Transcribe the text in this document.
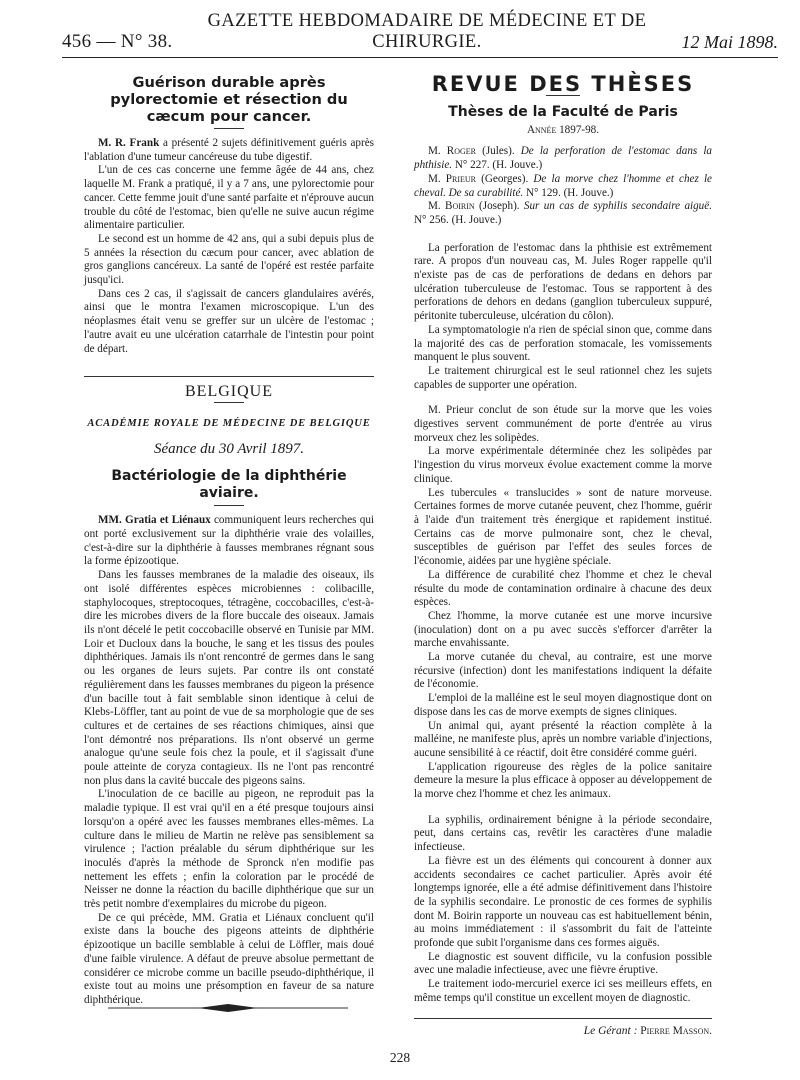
456 — N° 38.
GAZETTE HEBDOMADAIRE DE MÉDECINE ET DE CHIRURGIE.	12 Mai 1898.
Guérison durable après pylorectomie et résection du cæcum pour cancer.

M. R. Frank a présenté 2 sujets définitivement guéris après l'ablation d'une tumeur cancéreuse du tube digestif.

L'un de ces cas concerne une femme âgée de 44 ans, chez laquelle M. Frank a pratiqué, il y a 7 ans, une pylorectomie pour cancer. Cette femme jouit d'une santé parfaite et n'éprouve aucun trouble du côté de l'estomac, bien qu'elle ne suive aucun régime alimentaire particulier.

Le second est un homme de 42 ans, qui a subi depuis plus de 5 années la résection du cæcum pour cancer, avec ablation de gros ganglions cancéreux. La santé de l'opéré est restée parfaite jusqu'ici.

Dans ces 2 cas, il s'agissait de cancers glandulaires avérés, ainsi que le montra l'examen microscopique. L'un des néoplasmes était venu se greffer sur un ulcère de l'estomac ; l'autre avait eu une ulcération catarrhale de l'intestin pour point de départ.

BELGIQUE
ACADÉMIE ROYALE DE MÉDECINE DE BELGIQUE
Séance du 30 Avril 1897.
Bactériologie de la diphthérie aviaire.

MM. Gratia et Liénaux communiquent leurs recherches qui ont porté exclusivement sur la diphthérie vraie des volailles, c'est-à-dire sur la diphthérie à fausses membranes régnant sous la forme épizootique.

Dans les fausses membranes de la maladie des oiseaux, ils ont isolé différentes espèces microbiennes : colibacille, staphylocoques, streptocoques, tétragène, coccobacilles, c'est-à-dire les microbes divers de la flore buccale des oiseaux. Jamais ils n'ont décelé le petit coccobacille observé en Tunisie par MM. Loir et Ducloux dans la bouche, le sang et les tissus des poules diphthériques. Jamais ils n'ont rencontré de germes dans le sang ou les organes de leurs sujets. Par contre ils ont constaté régulièrement dans les fausses membranes du pigeon la présence d'un bacille tout à fait semblable sinon identique à celui de Klebs-Löffler, tant au point de vue de sa morphologie que de ses cultures et de certaines de ses réactions chimiques, ainsi que l'ont démontré nos préparations. Ils n'ont observé un germe analogue qu'une seule fois chez la poule, et il s'agissait d'une poule atteinte de coryza contagieux. Ils ne l'ont pas rencontré non plus dans la cavité buccale des pigeons sains.

L'inoculation de ce bacille au pigeon, ne reproduit pas la maladie typique. Il est vrai qu'il en a été presque toujours ainsi lorsqu'on a opéré avec les fausses membranes elles-mêmes. La culture dans le milieu de Martin ne relève pas sensiblement sa virulence ; l'action préalable du sérum diphthérique sur les inoculés d'après la méthode de Spronck n'en modifie pas nettement les effets ; enfin la coloration par le procédé de Neisser ne donne la réaction du bacille diphthérique que sur un très petit nombre d'exemplaires du microbe du pigeon.

De ce qui précède, MM. Gratia et Liénaux concluent qu'il existe dans la bouche des pigeons atteints de diphthérie épizootique un bacille semblable à celui de Löffler, mais doué d'une faible virulence. A défaut de preuve absolue permettant de considérer ce microbe comme un bacille pseudo-diphthérique, il existe tout au moins une présomption en faveur de sa nature diphthérique.

REVUE DES THÈSES
Thèses de la Faculté de Paris
Année 1897-98.

M. Roger (Jules). De la perforation de l'estomac dans la phthisie. N° 227. (H. Jouve.)

M. Prieur (Georges). De la morve chez l'homme et chez le cheval. De sa curabilité. N° 129. (H. Jouve.)

M. Boirin (Joseph). Sur un cas de syphilis secondaire aiguë. N° 256. (H. Jouve.)

La perforation de l'estomac dans la phthisie est extrêmement rare. A propos d'un nouveau cas, M. Jules Roger rappelle qu'il n'existe pas de cas de perforations de dedans en dehors par ulcération tuberculeuse de l'estomac. Tous se rapportent à des perforations de dehors en dedans (ganglion tuberculeux suppuré, péritonite tuberculeuse, ulcération du côlon).

La symptomatologie n'a rien de spécial sinon que, comme dans la majorité des cas de perforation stomacale, les vomissements manquent le plus souvent.

Le traitement chirurgical est le seul rationnel chez les sujets capables de supporter une opération.

M. Prieur conclut de son étude sur la morve que les voies digestives servent communément de porte d'entrée au virus morveux chez les solipèdes.

La morve expérimentale déterminée chez les solipèdes par l'ingestion du virus morveux évolue exactement comme la morve clinique.

Les tubercules « translucides » sont de nature morveuse. Certaines formes de morve cutanée peuvent, chez l'homme, guérir à l'aide d'un traitement très énergique et rapidement institué. Certains cas de morve pulmonaire sont, chez le cheval, susceptibles de guérison par l'effet des seules forces de l'économie, aidées par une hygiène spéciale.

La différence de curabilité chez l'homme et chez le cheval résulte du mode de contamination ordinaire à chacune des deux espèces.

Chez l'homme, la morve cutanée est une morve incursive (inoculation) dont on a pu avec succès s'efforcer d'arrêter la marche envahissante.

La morve cutanée du cheval, au contraire, est une morve récursive (infection) dont les manifestations indiquent la défaite de l'économie.

L'emploi de la malléine est le seul moyen diagnostique dont on dispose dans les cas de morve exempts de signes cliniques.

Un animal qui, ayant présenté la réaction complète à la malléine, ne manifeste plus, après un nombre variable d'injections, aucune sensibilité à ce réactif, doit être considéré comme guéri.

L'application rigoureuse des règles de la police sanitaire demeure la mesure la plus efficace à opposer au développement de la morve chez l'homme et chez les animaux.

La syphilis, ordinairement bénigne à la période secondaire, peut, dans certains cas, revêtir les caractères d'une maladie infectieuse.

La fièvre est un des éléments qui concourent à donner aux accidents secondaires ce cachet particulier. Après avoir été longtemps ignorée, elle a été admise définitivement dans l'histoire de la syphilis secondaire. Le pronostic de ces formes de syphilis dont M. Boirin rapporte un nouveau cas est habituellement bénin, au moins immédiatement : il s'assombrit du fait de l'atteinte profonde que subit l'organisme dans ces formes aiguës.

Le diagnostic est souvent difficile, vu la confusion possible avec une maladie infectieuse, avec une fièvre éruptive.

Le traitement iodo-mercuriel exerce ici ses meilleurs effets, en même temps qu'il constitue un excellent moyen de diagnostic.

Le Gérant : Pierre Masson.
228
